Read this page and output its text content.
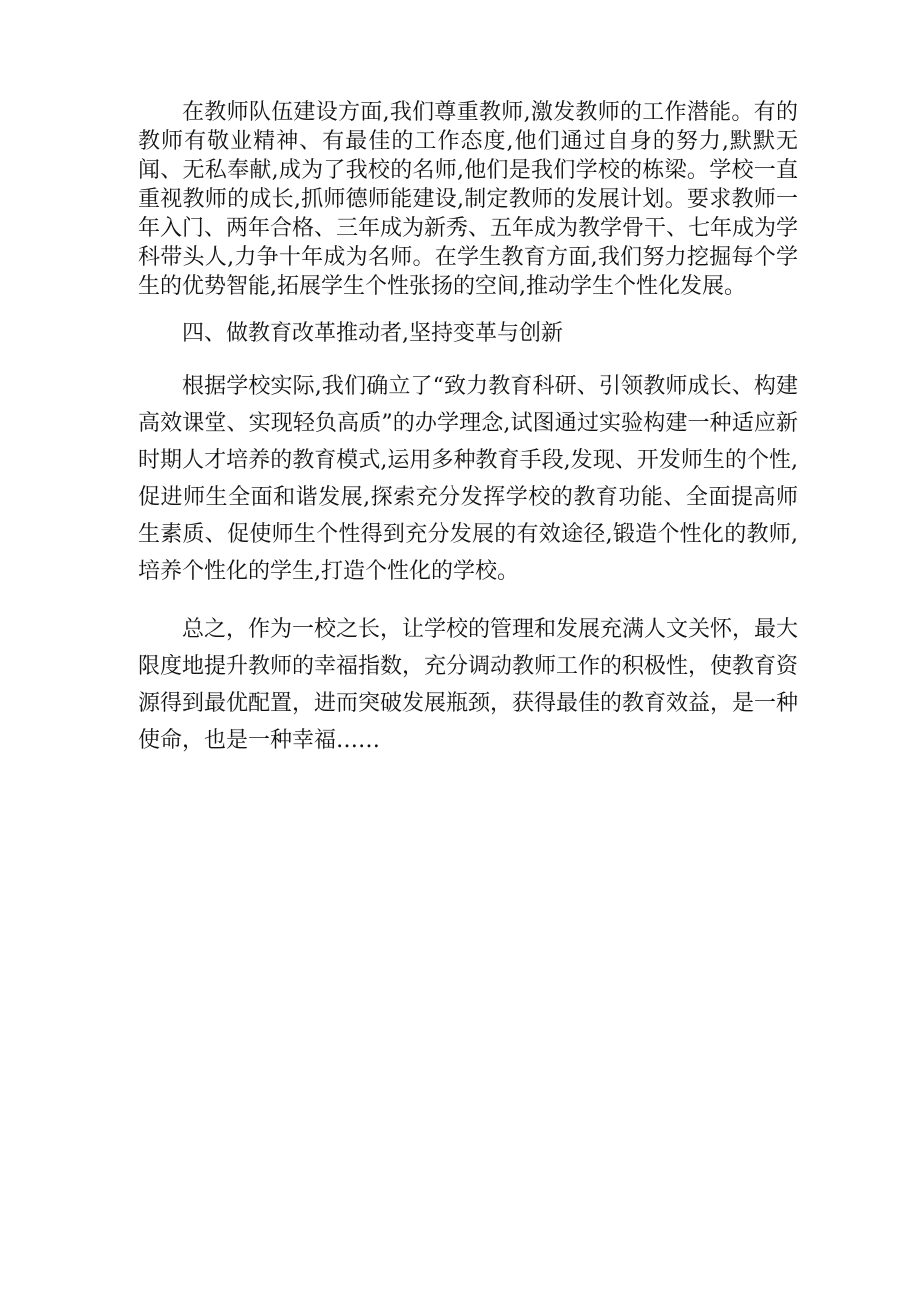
在教师队伍建设方面,我们尊重教师,激发教师的工作潜能。有的教师有敬业精神、有最佳的工作态度,他们通过自身的努力,默默无闻、无私奉献,成为了我校的名师,他们是我们学校的栋梁。学校一直重视教师的成长,抓师德师能建设,制定教师的发展计划。要求教师一年入门、两年合格、三年成为新秀、五年成为教学骨干、七年成为学科带头人,力争十年成为名师。在学生教育方面,我们努力挖掘每个学生的优势智能,拓展学生个性张扬的空间,推动学生个性化发展。

四、做教育改革推动者,坚持变革与创新

根据学校实际,我们确立了“致力教育科研、引领教师成长、构建高效课堂、实现轻负高质”的办学理念,试图通过实验构建一种适应新时期人才培养的教育模式,运用多种教育手段,发现、开发师生的个性,促进师生全面和谐发展,探索充分发挥学校的教育功能、全面提高师生素质、促使师生个性得到充分发展的有效途径,锻造个性化的教师,培养个性化的学生,打造个性化的学校。

总之，作为一校之长，让学校的管理和发展充满人文关怀，最大限度地提升教师的幸福指数，充分调动教师工作的积极性，使教育资源得到最优配置，进而突破发展瓶颈，获得最佳的教育效益，是一种使命，也是一种幸福……
